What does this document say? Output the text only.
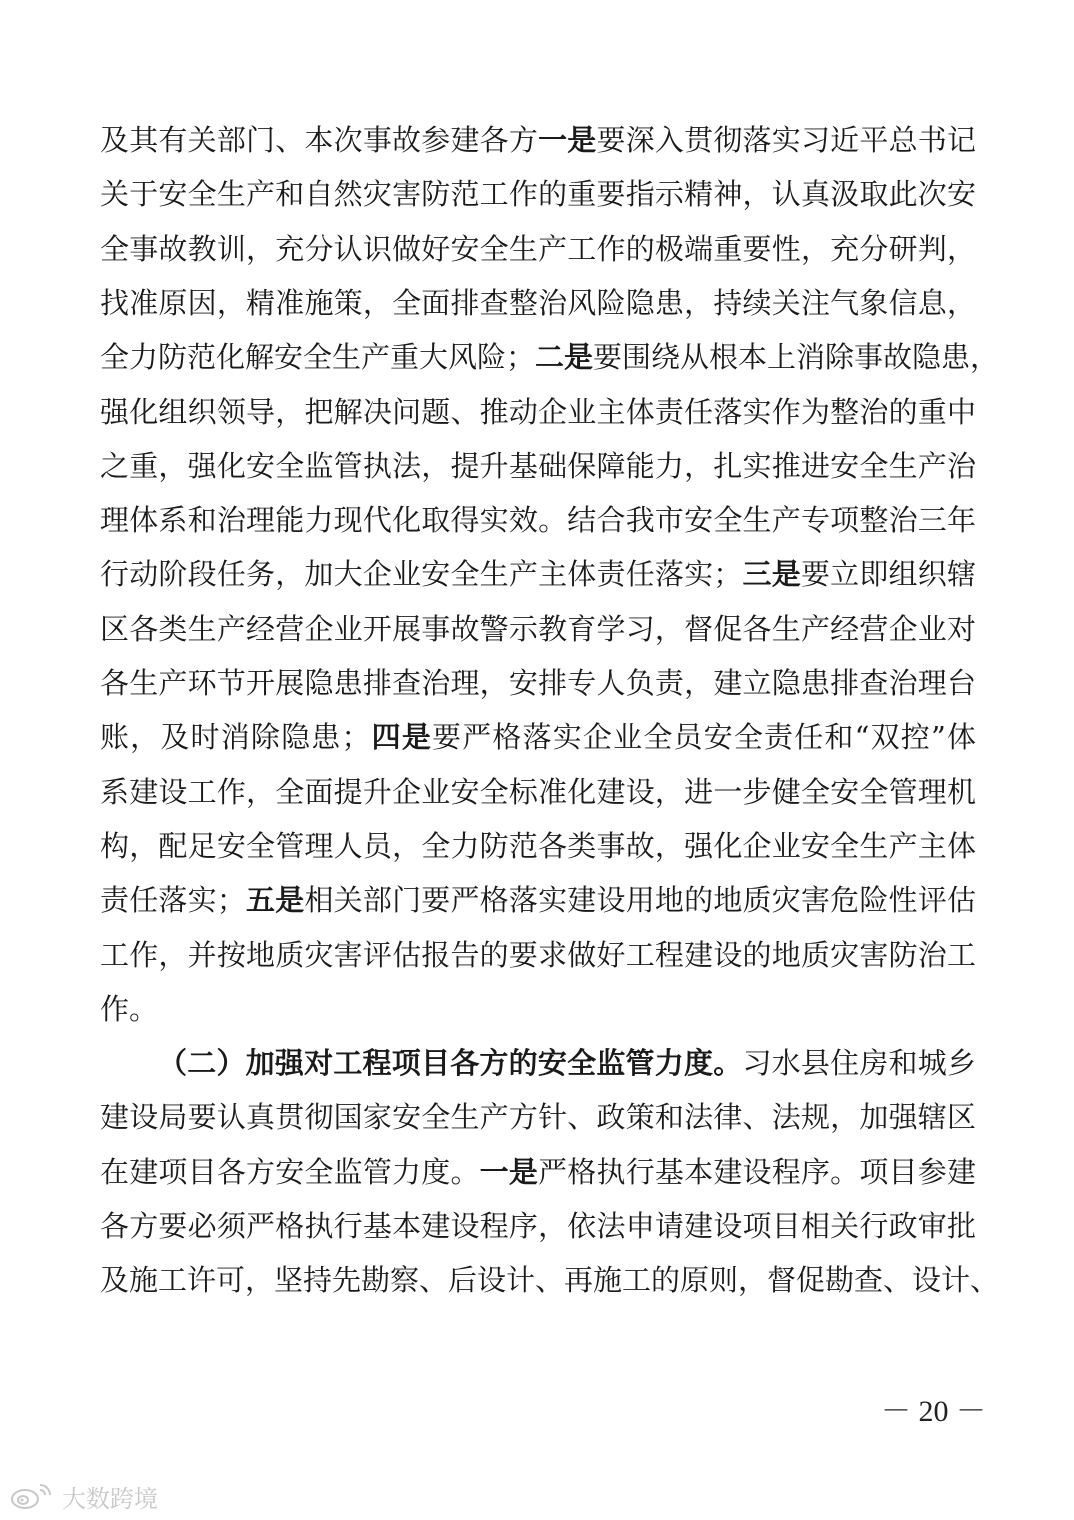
及其有关部门、本次事故参建各方一是要深入贯彻落实习近平总书记
关于安全生产和自然灾害防范工作的重要指示精神，认真汲取此次安
全事故教训，充分认识做好安全生产工作的极端重要性，充分研判，
找准原因，精准施策，全面排查整治风险隐患，持续关注气象信息，
全力防范化解安全生产重大风险；二是要围绕从根本上消除事故隐患，
强化组织领导，把解决问题、推动企业主体责任落实作为整治的重中
之重，强化安全监管执法，提升基础保障能力，扎实推进安全生产治
理体系和治理能力现代化取得实效。结合我市安全生产专项整治三年
行动阶段任务，加大企业安全生产主体责任落实；三是要立即组织辖
区各类生产经营企业开展事故警示教育学习，督促各生产经营企业对
各生产环节开展隐患排查治理，安排专人负责，建立隐患排查治理台
账，及时消除隐患；四是要严格落实企业全员安全责任和“双控”体
系建设工作，全面提升企业安全标准化建设，进一步健全安全管理机
构，配足安全管理人员，全力防范各类事故，强化企业安全生产主体
责任落实；五是相关部门要严格落实建设用地的地质灾害危险性评估
工作，并按地质灾害评估报告的要求做好工程建设的地质灾害防治工
作。
（二）加强对工程项目各方的安全监管力度。习水县住房和城乡
建设局要认真贯彻国家安全生产方针、政策和法律、法规，加强辖区
在建项目各方安全监管力度。一是严格执行基本建设程序。项目参建
各方要必须严格执行基本建设程序，依法申请建设项目相关行政审批
及施工许可，坚持先勘察、后设计、再施工的原则，督促勘查、设计、
－ 20 －
大数跨境
